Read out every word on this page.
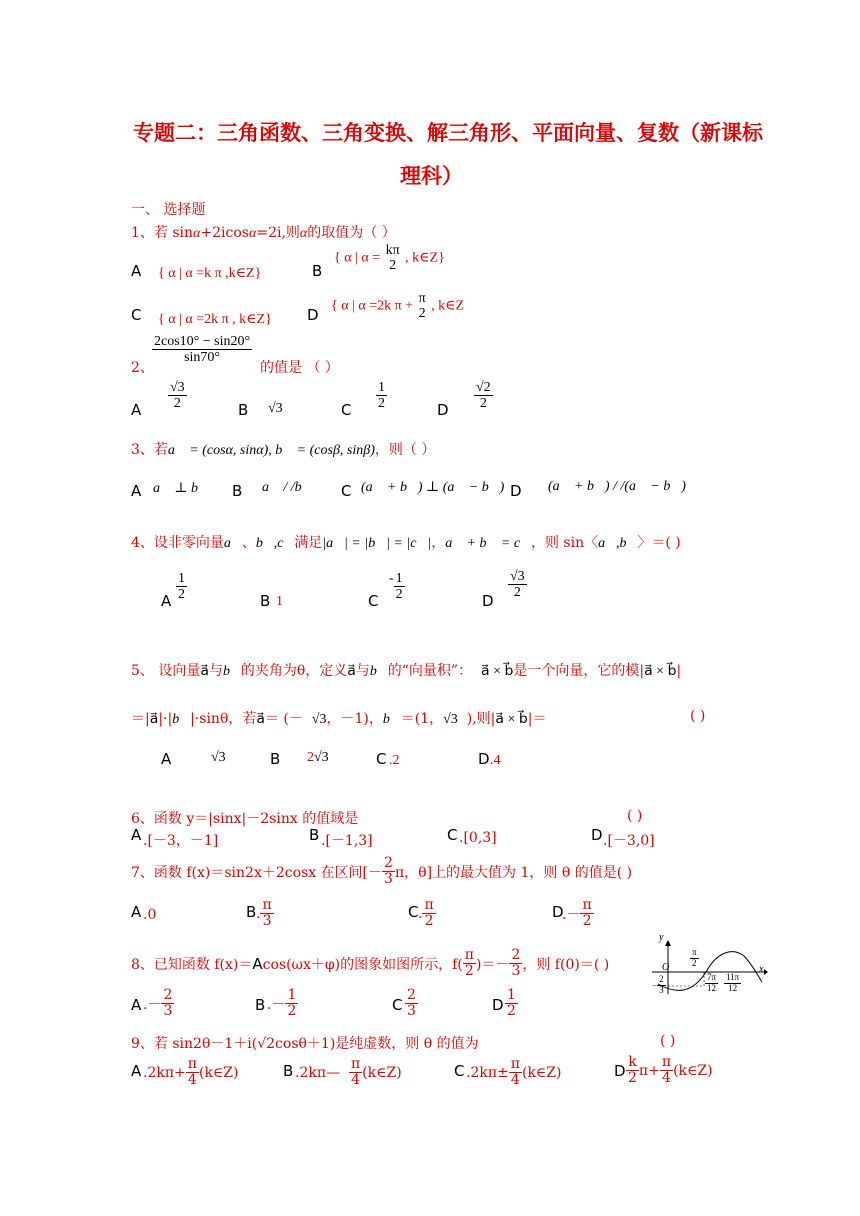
专题二：三角函数、三角变换、解三角形、平面向量、复数（新课标
理科）
一、 选择题
1、若 sinα+2icosα=2i,则α的取值为（ ）
A { α | α =k π ,k∈Z}	B
{ α | α =
kπ
2
, k∈Z}
C { α | α =2k π , k∈Z} D { α | α =2k π +
π
2
, k∈Z
2、
$\frac{2\cos 10^\circ - \sin 20^\circ}{\sin 70^\circ}$
的值是 （ ）
A $\frac{√3}{2}$	B √3	C $\frac{1}{2}$	D $\frac{√2}{2}$
3、若a⃗ = (cosα, sinα), b⃗ = (cosβ, sinβ)，则（ ）
A a⃗ ⊥ b⃗ B a⃗ / /b⃗ C (a⃗ + b⃗) ⊥ (a⃗ − b⃗) D (a⃗ + b⃗) / /(a⃗ − b⃗)
4、设非零向量a⃗、b⃗,c⃗满足|a⃗| = |b⃗| = |c⃗|，a⃗ + b⃗ = c⃗，则 sin〈a⃗,b⃗〉＝( )
A $\frac{1}{2}$	B 1	C
- $\frac{1}{2}$	D
$\frac{√3}{2}$
5、 设向量a⃗与b⃗的夹角为θ，定义a⃗与b⃗的“向量积”： a⃗ × b⃗是一个向量，它的模|a⃗ × b⃗|
＝|a⃗|·|b⃗|·sinθ，若a⃗＝ (－ √3，－1)，b⃗＝(1，√3 ),则|a⃗ × b⃗|＝	( )
A	√3	B 2√3	C .2	D .4
6、函数 y＝|sinx|－2sinx 的值域是	( )
A .[－3，－1]	B .[－1,3]	C .[0,3]	D .[－3,0]
7、函数 f(x)＝sin2x＋2cosx 在区间[－ $\frac{2}{3}$ π，θ]上的最大值为 1，则 θ 的值是( )
A .0	B . $\frac{\pi}{3}$	C . $\frac{\pi}{2}$	D
.－ $\frac{\pi}{2}$
8、已知函数 f(x)＝Acos(ωx＋φ)的图象如图所示，$f( \frac{\pi}{2}$ )＝－ $\frac{2}{3}$ ，则 f(0)＝( )
y
x
O $\frac{\pi}{2}$
− $\frac{2}{3}$	$\frac{7\pi}{12} \frac{11\pi}{12}$
A .－ $\frac{2}{3}$	B .－ $\frac{1}{2}$	C $\frac{2}{3}$	D $\frac{1}{2}$
9、若 sin2θ－1＋i(√2cosθ＋1)是纯虚数，则 θ 的值为	( )
A $.2k\pi+ \frac{\pi}{4}$ (k∈Z)	B .2kπ— $\frac{\pi}{4}$ (k∈Z)	C $.2k\pi\pm \frac{\pi}{4}$ (k∈Z)	D $\frac{k}{2} \pi+ \frac{\pi}{4}$ (k∈Z)
